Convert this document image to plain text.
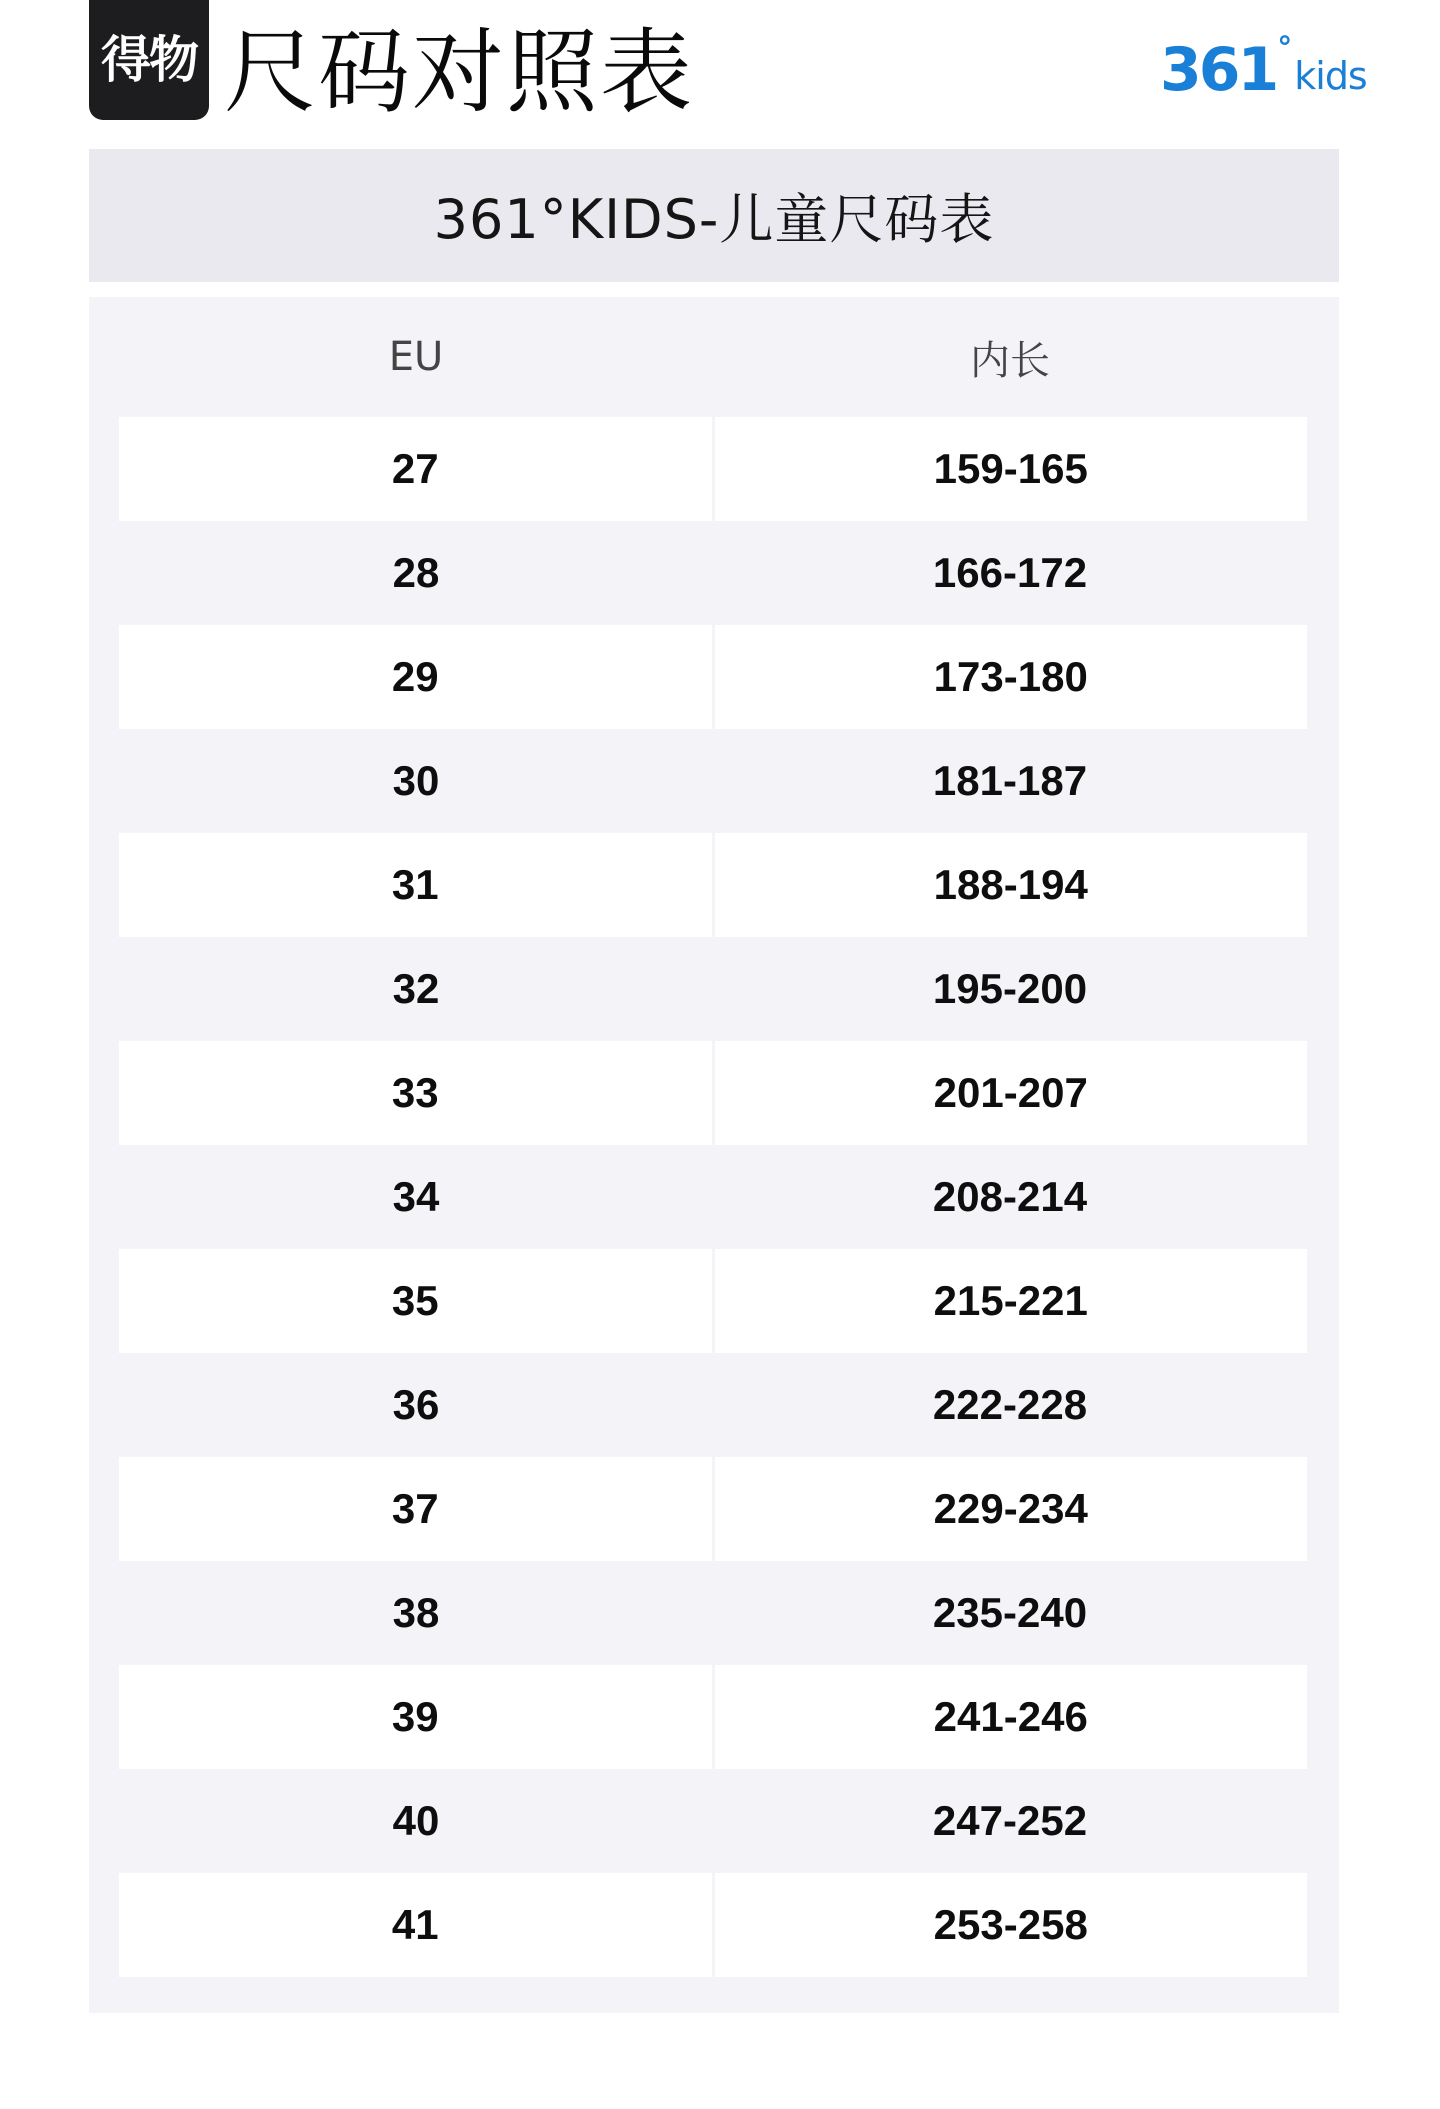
得物 尺码对照表	361 °
kids
361°KIDS-儿童尺码表
EU	内长
27	159-165
28	166-172
29	173-180
30	181-187
31	188-194
32	195-200
33	201-207
34	208-214
35	215-221
36	222-228
37	229-234
38	235-240
39	241-246
40	247-252
41	253-258
